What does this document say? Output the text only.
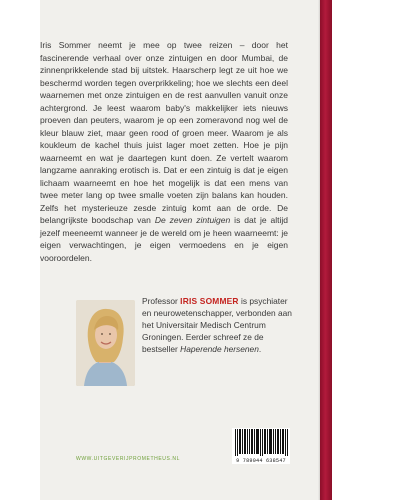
Iris Sommer neemt je mee op twee reizen – door het fascinerende verhaal over onze zintuigen en door Mumbai, de zinnenprikkelende stad bij uitstek. Haarscherp legt ze uit hoe we beschermd worden tegen overprikkeling; hoe we slechts een deel waarnemen met onze zintuigen en de rest aanvullen vanuit onze achtergrond. Je leest waarom baby's makkelijker iets nieuws proeven dan peuters, waarom je op een zomeravond nog wel de kleur blauw ziet, maar geen rood of groen meer. Waarom je als koukleum de kachel thuis juist lager moet zetten. Hoe je pijn waarneemt en wat je daartegen kunt doen. Ze vertelt waarom langzame aanraking erotisch is. Dat er een zintuig is dat je eigen lichaam waarneemt en hoe het mogelijk is dat een mens van twee meter lang op twee smalle voeten zijn balans kan houden. Zelfs het mysterieuze zesde zintuig komt aan de orde. De belangrijkste boodschap van De zeven zintuigen is dat je altijd jezelf meeneemt wanneer je de wereld om je heen waarneemt: je eigen verwachtingen, je eigen vermoedens en je eigen vooroordelen.

Professor IRIS SOMMER is psychiater en neurowetenschapper, verbonden aan het Universitair Medisch Centrum Groningen. Eerder schreef ze de bestseller Haperende hersenen.

WWW.UITGEVERIJPROMETHEUS.NL	9 789044 638547
